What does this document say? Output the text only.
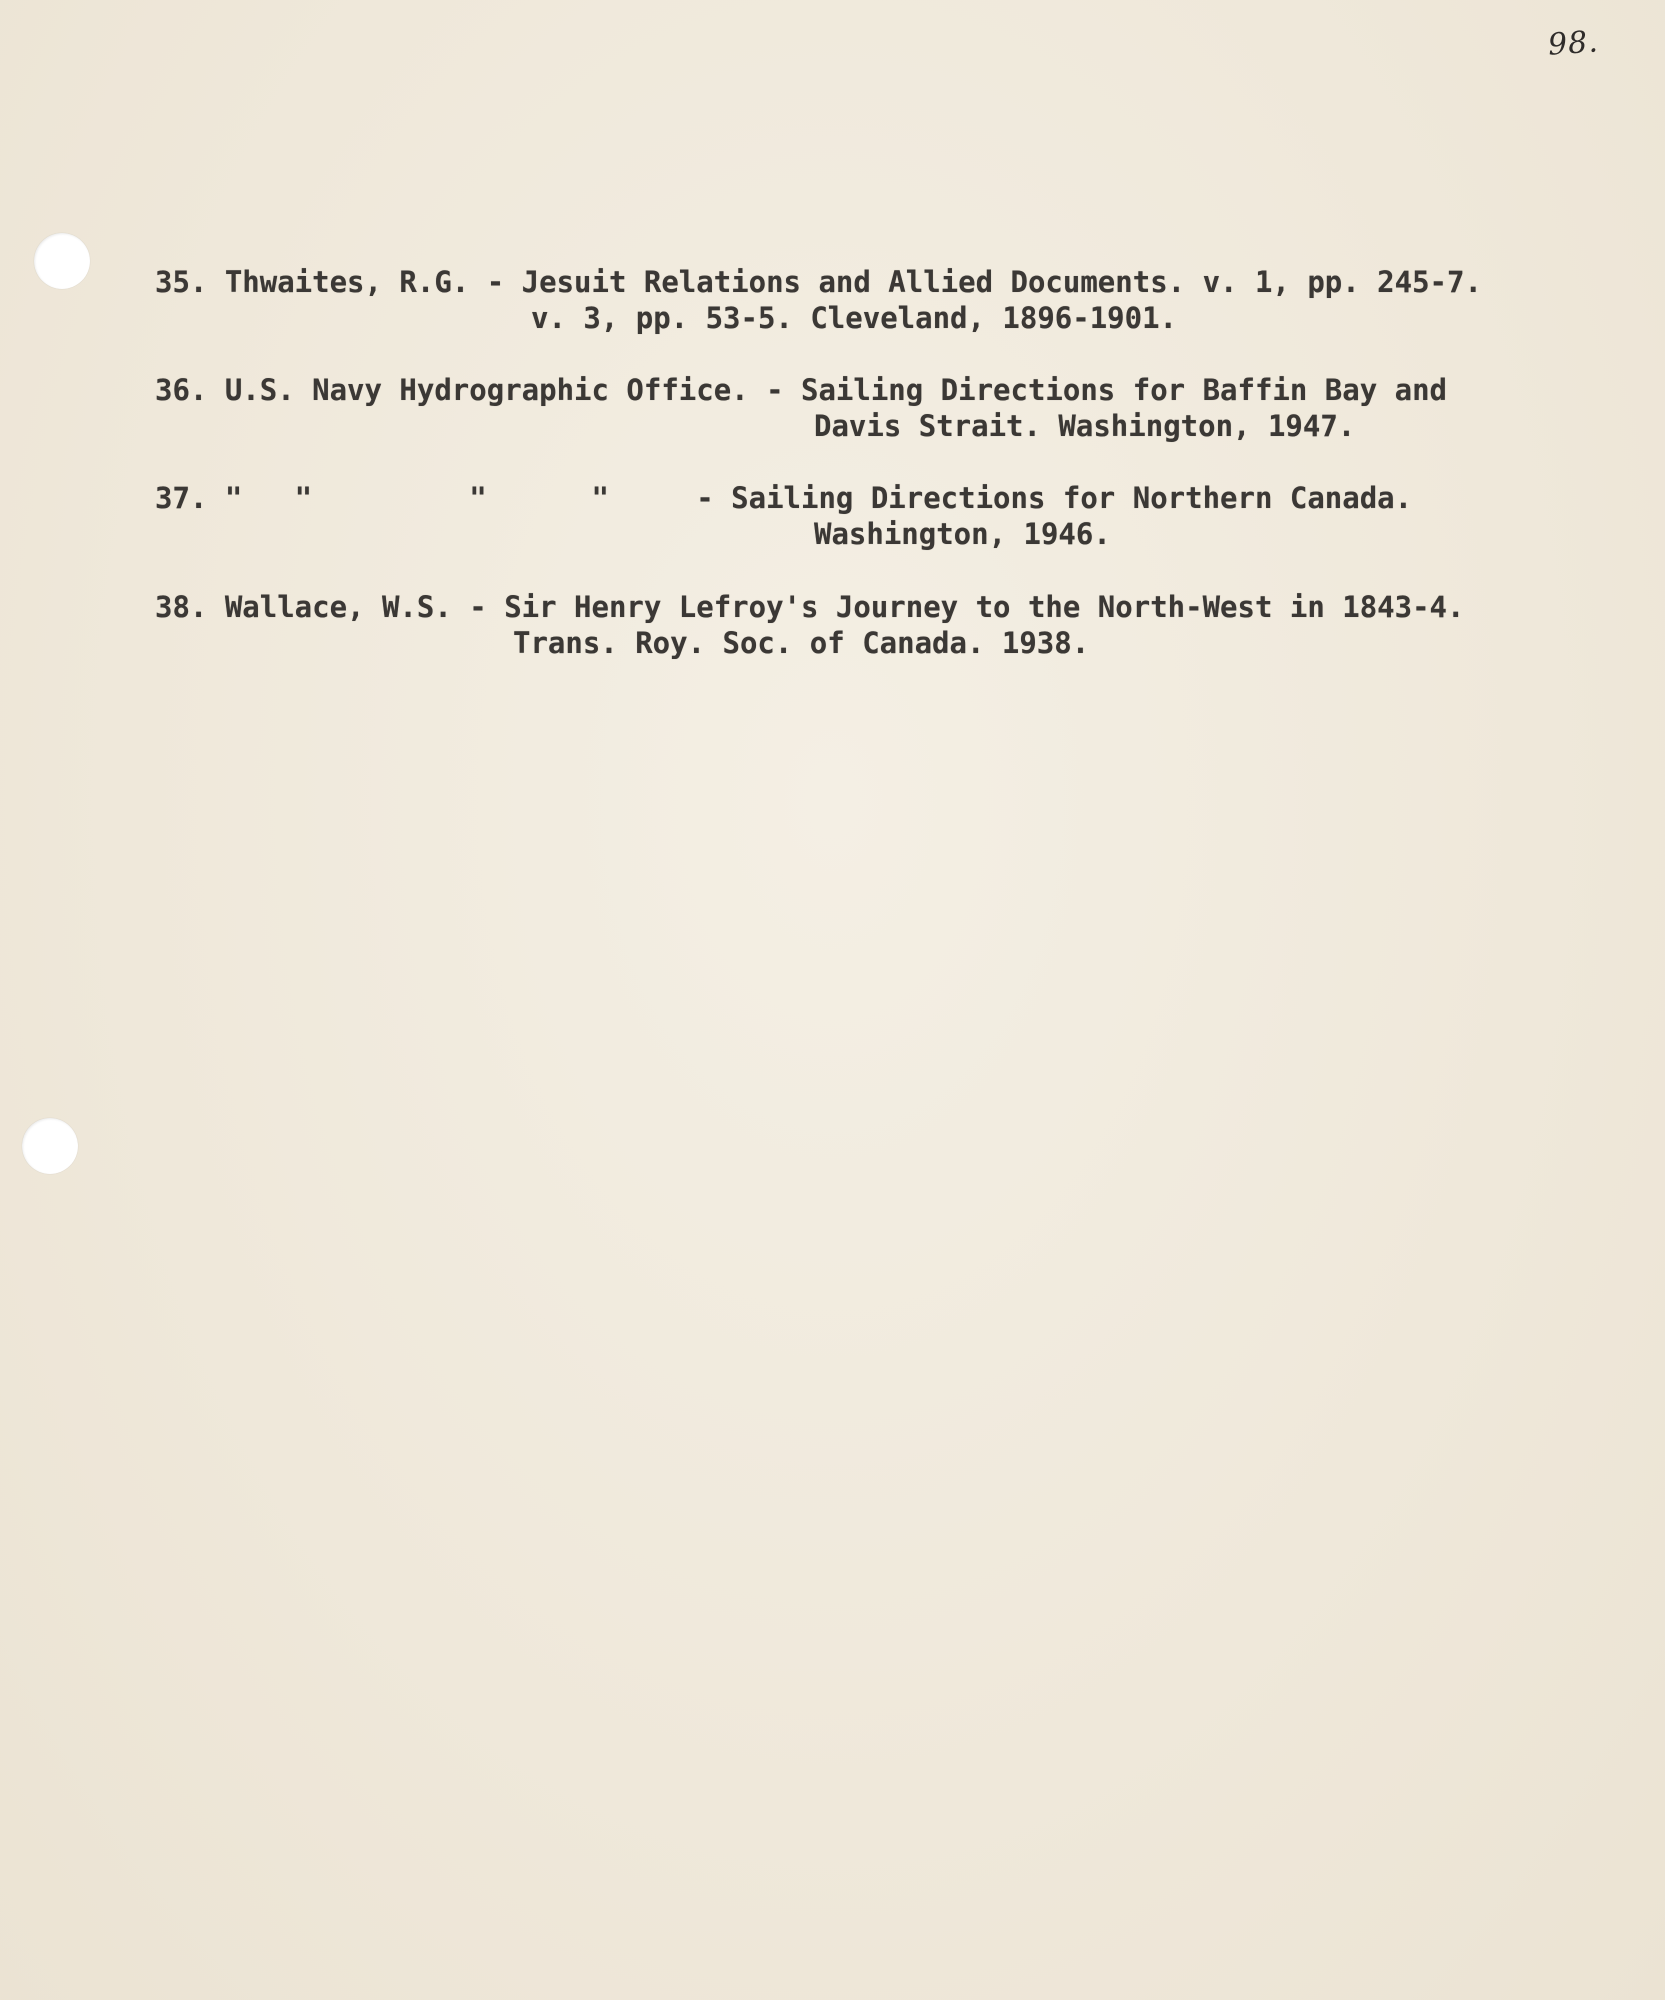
98.
35. Thwaites, R.G. - Jesuit Relations and Allied Documents. v. 1, pp. 245-7.
v. 3, pp. 53-5. Cleveland, 1896-1901.
36. U.S. Navy Hydrographic Office. - Sailing Directions for Baffin Bay and
Davis Strait. Washington, 1947.
37. "   "         "      "     - Sailing Directions for Northern Canada.
Washington, 1946.
38. Wallace, W.S. - Sir Henry Lefroy's Journey to the North-West in 1843-4.
Trans. Roy. Soc. of Canada. 1938.
